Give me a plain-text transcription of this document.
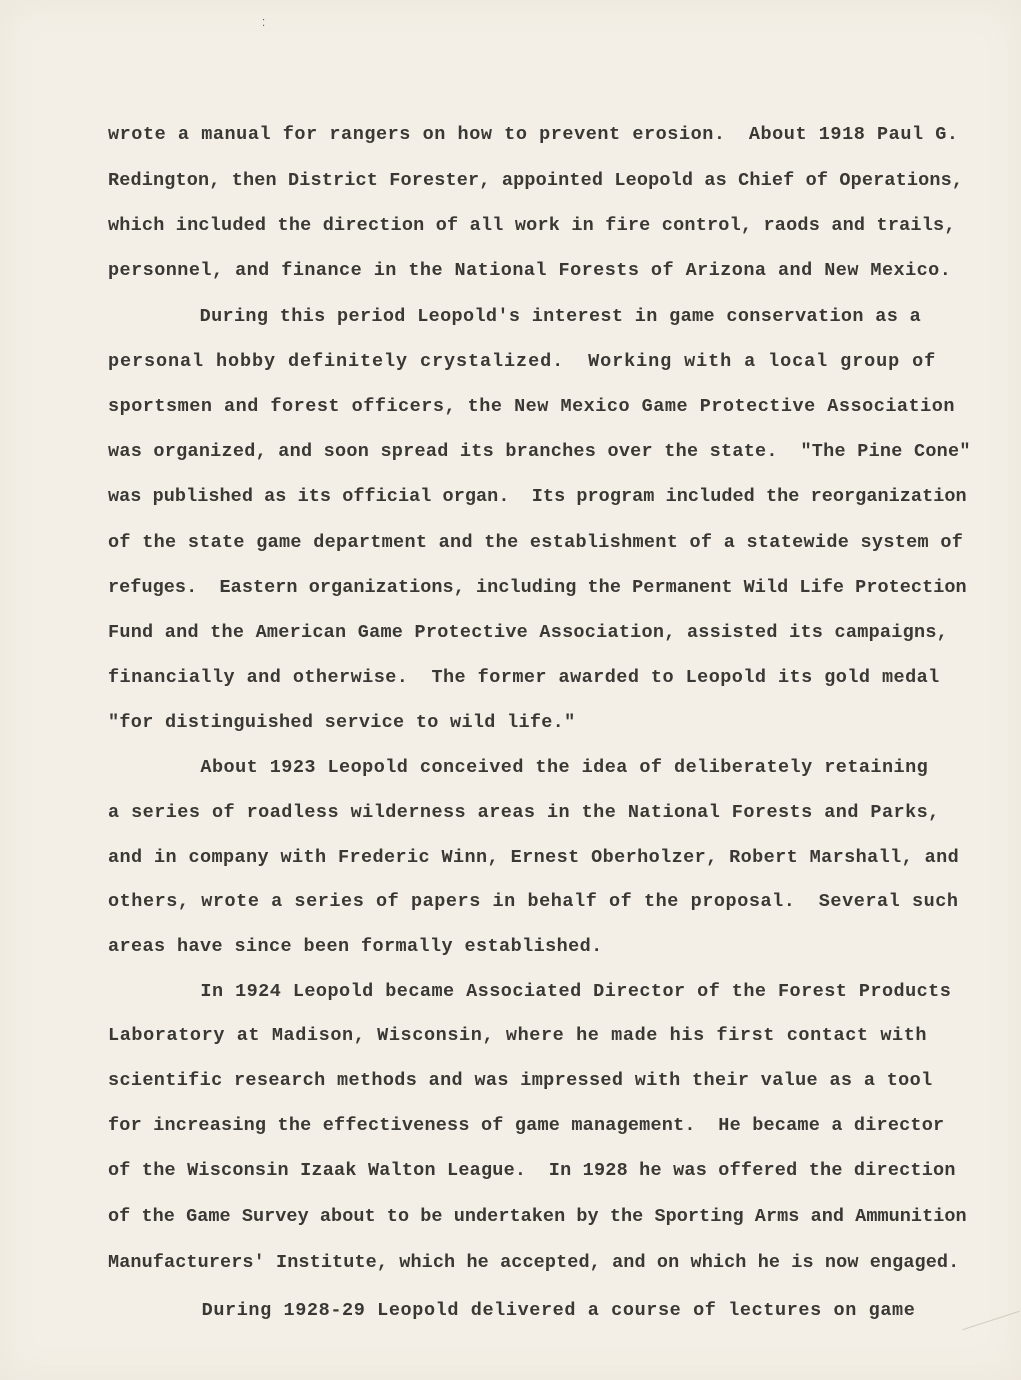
⁚
wrote a manual for rangers on how to prevent erosion.  About 1918 Paul G.
Redington, then District Forester, appointed Leopold as Chief of Operations,
which included the direction of all work in fire control, raods and trails,
personnel, and finance in the National Forests of Arizona and New Mexico.
During this period Leopold's interest in game conservation as a
personal hobby definitely crystalized.  Working with a local group of
sportsmen and forest officers, the New Mexico Game Protective Association
was organized, and soon spread its branches over the state.  "The Pine Cone"
was published as its official organ.  Its program included the reorganization
of the state game department and the establishment of a statewide system of
refuges.  Eastern organizations, including the Permanent Wild Life Protection
Fund and the American Game Protective Association, assisted its campaigns,
financially and otherwise.  The former awarded to Leopold its gold medal
"for distinguished service to wild life."
About 1923 Leopold conceived the idea of deliberately retaining
a series of roadless wilderness areas in the National Forests and Parks,
and in company with Frederic Winn, Ernest Oberholzer, Robert Marshall, and
others, wrote a series of papers in behalf of the proposal.  Several such
areas have since been formally established.
In 1924 Leopold became Associated Director of the Forest Products
Laboratory at Madison, Wisconsin, where he made his first contact with
scientific research methods and was impressed with their value as a tool
for increasing the effectiveness of game management.  He became a director
of the Wisconsin Izaak Walton League.  In 1928 he was offered the direction
of the Game Survey about to be undertaken by the Sporting Arms and Ammunition
Manufacturers' Institute, which he accepted, and on which he is now engaged.
During 1928-29 Leopold delivered a course of lectures on game
